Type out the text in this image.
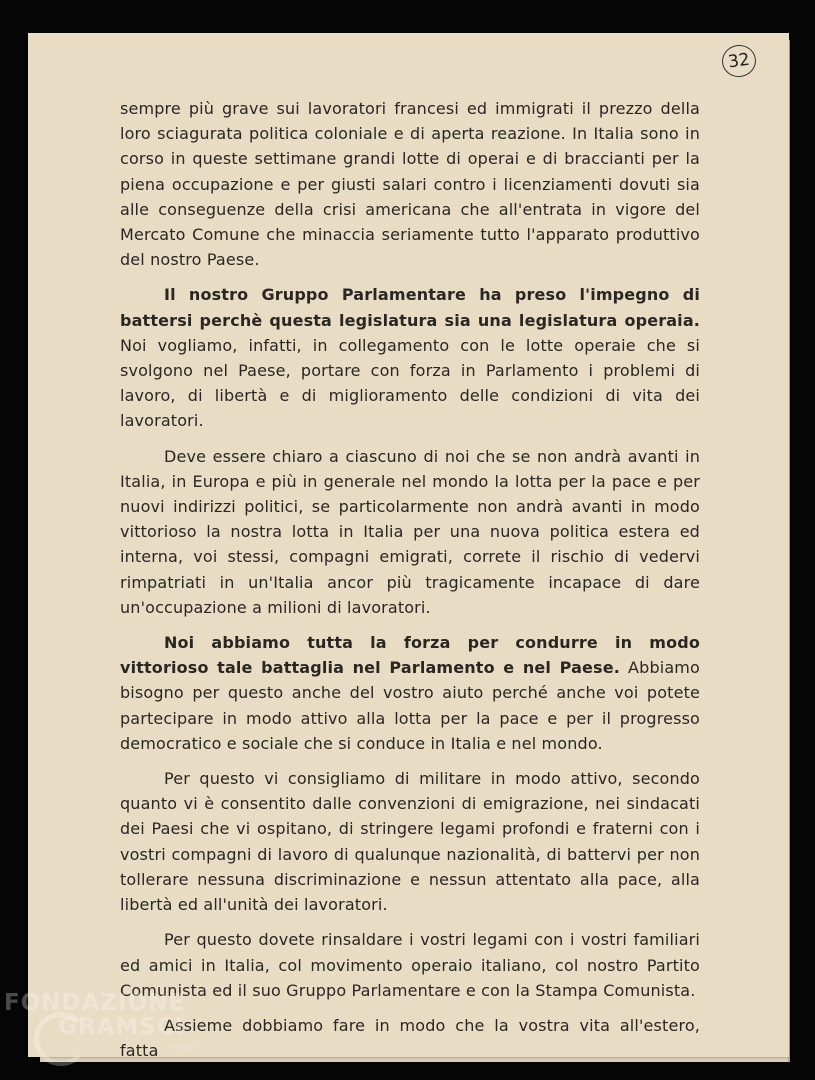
32

sempre più grave sui lavoratori francesi ed immigrati il prezzo della loro sciagurata politica coloniale e di aperta reazione. In Italia sono in corso in queste settimane grandi lotte di operai e di braccianti per la piena occupazione e per giusti salari contro i licenziamenti dovuti sia alle conseguenze della crisi americana che all'entrata in vigore del Mercato Comune che minaccia seriamente tutto l'apparato produttivo del nostro Paese.

Il nostro Gruppo Parlamentare ha preso l'impegno di battersi perchè questa legislatura sia una legislatura operaia. Noi vogliamo, infatti, in collegamento con le lotte operaie che si svolgono nel Paese, portare con forza in Parlamento i problemi di lavoro, di libertà e di miglioramento delle condizioni di vita dei lavoratori.

Deve essere chiaro a ciascuno di noi che se non andrà avanti in Italia, in Europa e più in generale nel mondo la lotta per la pace e per nuovi indirizzi politici, se particolarmente non andrà avanti in modo vittorioso la nostra lotta in Italia per una nuova politica estera ed interna, voi stessi, compagni emigrati, correte il rischio di vedervi rimpatriati in un'Italia ancor più tragicamente incapace di dare un'occupazione a milioni di lavoratori.

Noi abbiamo tutta la forza per condurre in modo vittorioso tale battaglia nel Parlamento e nel Paese. Abbiamo bisogno per questo anche del vostro aiuto perché anche voi potete partecipare in modo attivo alla lotta per la pace e per il progresso democratico e sociale che si conduce in Italia e nel mondo.

Per questo vi consigliamo di militare in modo attivo, secondo quanto vi è consentito dalle convenzioni di emigrazione, nei sindacati dei Paesi che vi ospitano, di stringere legami profondi e fraterni con i vostri compagni di lavoro di qualunque nazionalità, di battervi per non tollerare nessuna discriminazione e nessun attentato alla pace, alla libertà ed all'unità dei lavoratori.

Per questo dovete rinsaldare i vostri legami con i vostri familiari ed amici in Italia, col movimento operaio italiano, col nostro Partito Comunista ed il suo Gruppo Parlamentare e con la Stampa Comunista.

Assieme dobbiamo fare in modo che la vostra vita all'estero, fatta

FONDAZIONE
GRAMSCI
onlus
